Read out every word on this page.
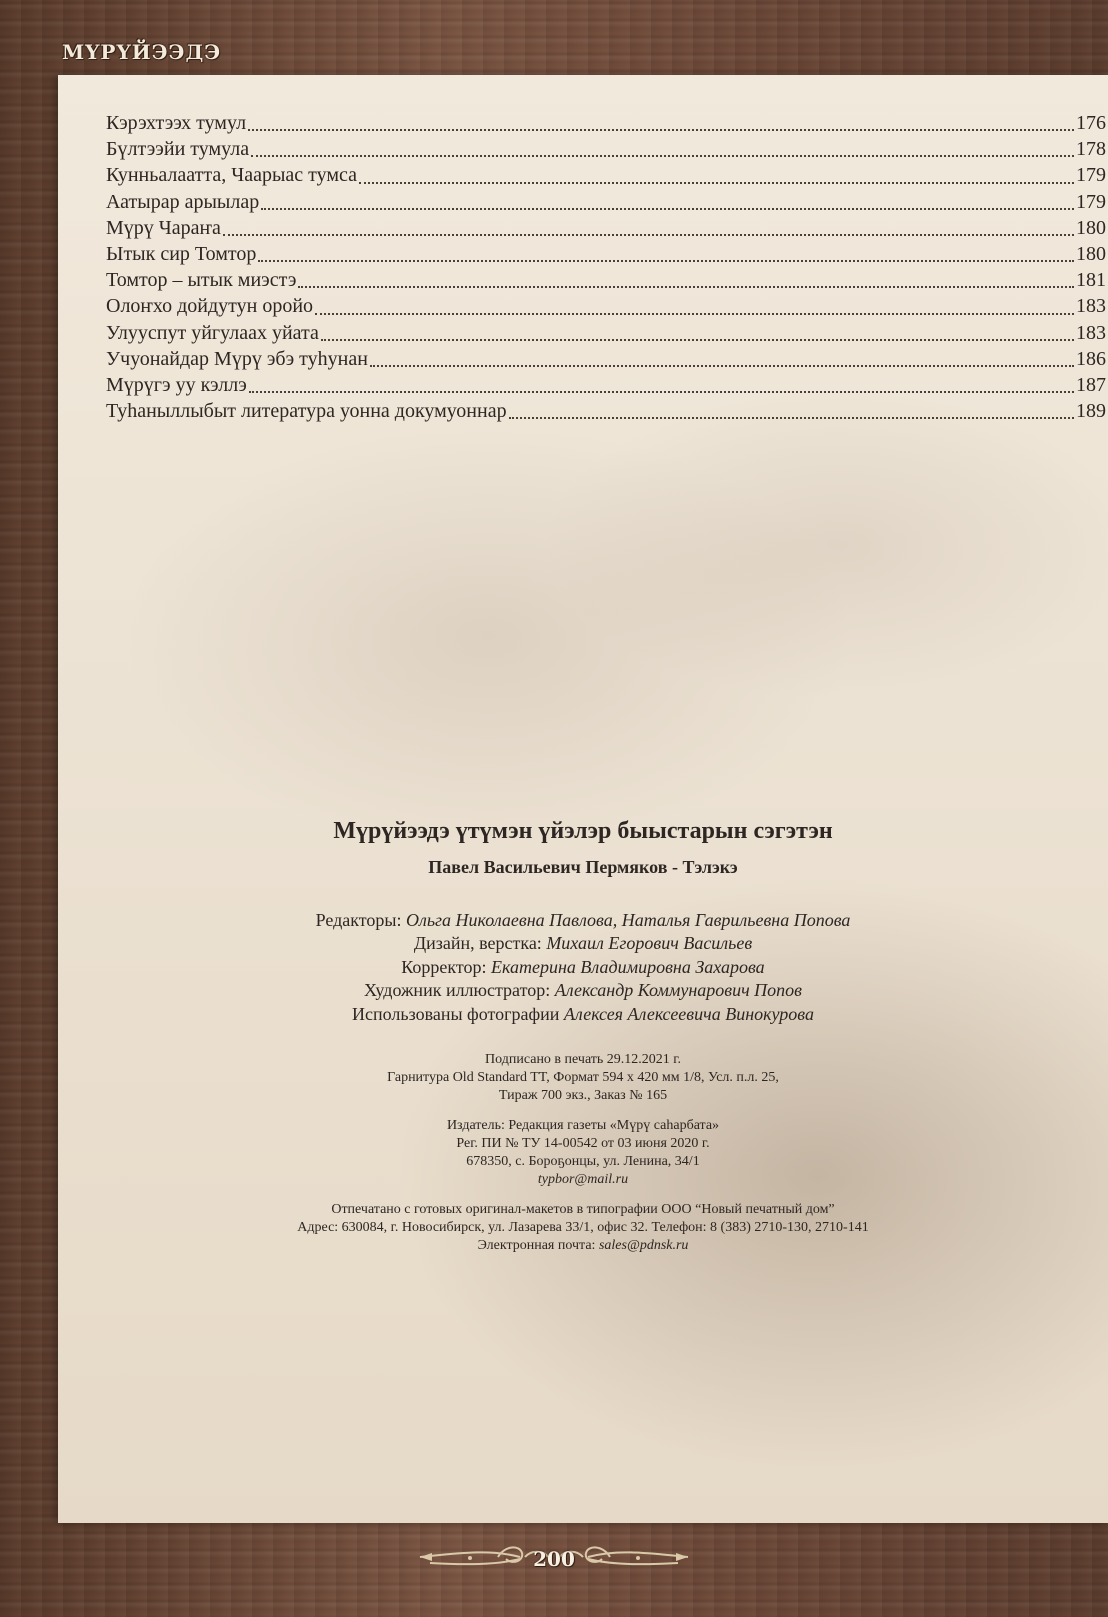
МҮРҮЙЭЭДЭ
Кэрэхтээх тумул	176
Бүлтээйи тумула	178
Кунньалаатта, Чаарыас тумса	179
Аатырар арыылар	179
Мүрү Чараҥа	180
Ытык сир Томтор	180
Томтор – ытык миэстэ	181
Олоҥхо дойдутун оройо	183
Улууспут уйгулаах уйата	183
Учуонайдар Мүрү эбэ туһунан	186
Мүрүгэ уу кэллэ	187
Туһаныллыбыт литература уонна докумуоннар	189

Мүрүйээдэ үтүмэн үйэлэр быыстарын сэгэтэн

Павел Васильевич Пермяков - Тэлэкэ

Редакторы: Ольга Николаевна Павлова, Наталья Гаврильевна Попова
Дизайн, верстка: Михаил Егорович Васильев
Корректор: Екатерина Владимировна Захарова
Художник иллюстратор: Александр Коммунарович Попов
Использованы фотографии Алексея Алексеевича Винокурова

Подписано в печать 29.12.2021 г.

Гарнитура Old Standard TT, Формат 594 х 420 мм 1/8, Усл. п.л. 25,

Тираж 700 экз., Заказ № 165

Издатель: Редакция газеты «Мүрү саһарбата»

Рег. ПИ № ТУ 14-00542 от 03 июня 2020 г.

678350, с. Бороҕонцы, ул. Ленина, 34/1

typbor@mail.ru

Отпечатано с готовых оригинал-макетов в типографии ООО “Новый печатный дом”

Адрес: 630084, г. Новосибирск, ул. Лазарева 33/1, офис 32. Телефон: 8 (383) 2710-130, 2710-141

Электронная почта: sales@pdnsk.ru

200
